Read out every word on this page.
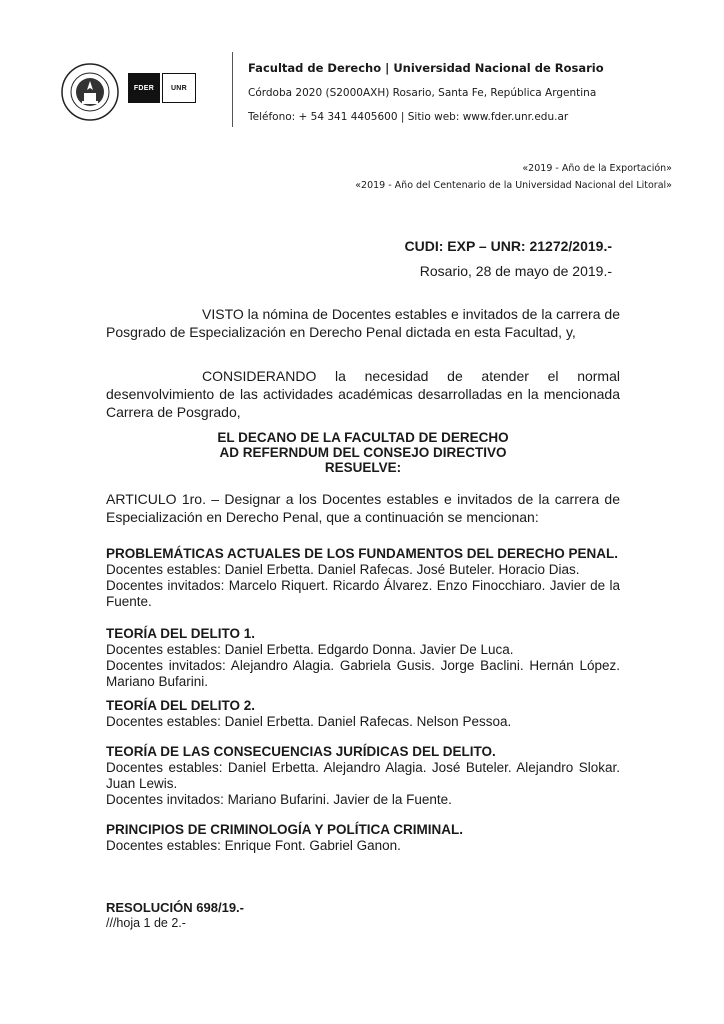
FDER	UNR
Facultad de Derecho | Universidad Nacional de Rosario
Córdoba 2020 (S2000AXH) Rosario, Santa Fe, República Argentina
Teléfono: + 54 341 4405600 | Sitio web: www.fder.unr.edu.ar
«2019 - Año de la Exportación»
«2019 - Año del Centenario de la Universidad Nacional del Litoral»
CUDI: EXP – UNR: 21272/2019.-
Rosario, 28 de mayo de 2019.-
VISTO la nómina de Docentes estables e invitados de la carrera de Posgrado de Especialización en Derecho Penal dictada en esta Facultad, y,
CONSIDERANDO la necesidad de atender el normal desenvolvimiento de las actividades académicas desarrolladas en la mencionada Carrera de Posgrado,
EL DECANO DE LA FACULTAD DE DERECHO
AD REFERNDUM DEL CONSEJO DIRECTIVO
RESUELVE:
ARTICULO 1ro. – Designar a los Docentes estables e invitados de la carrera de Especialización en Derecho Penal, que a continuación se mencionan:
PROBLEMÁTICAS ACTUALES DE LOS FUNDAMENTOS DEL DERECHO PENAL.
Docentes estables: Daniel Erbetta. Daniel Rafecas. José Buteler. Horacio Dias.
Docentes invitados: Marcelo Riquert. Ricardo Álvarez. Enzo Finocchiaro. Javier de la Fuente.
TEORÍA DEL DELITO 1.
Docentes estables: Daniel Erbetta. Edgardo Donna. Javier De Luca.
Docentes invitados: Alejandro Alagia. Gabriela Gusis. Jorge Baclini. Hernán López. Mariano Bufarini.
TEORÍA DEL DELITO 2.
Docentes estables: Daniel Erbetta. Daniel Rafecas. Nelson Pessoa.
TEORÍA DE LAS CONSECUENCIAS JURÍDICAS DEL DELITO.
Docentes estables: Daniel Erbetta. Alejandro Alagia. José Buteler. Alejandro Slokar. Juan Lewis.
Docentes invitados: Mariano Bufarini. Javier de la Fuente.
PRINCIPIOS DE CRIMINOLOGÍA Y POLÍTICA CRIMINAL.
Docentes estables: Enrique Font. Gabriel Ganon.
RESOLUCIÓN 698/19.-
///hoja 1 de 2.-
